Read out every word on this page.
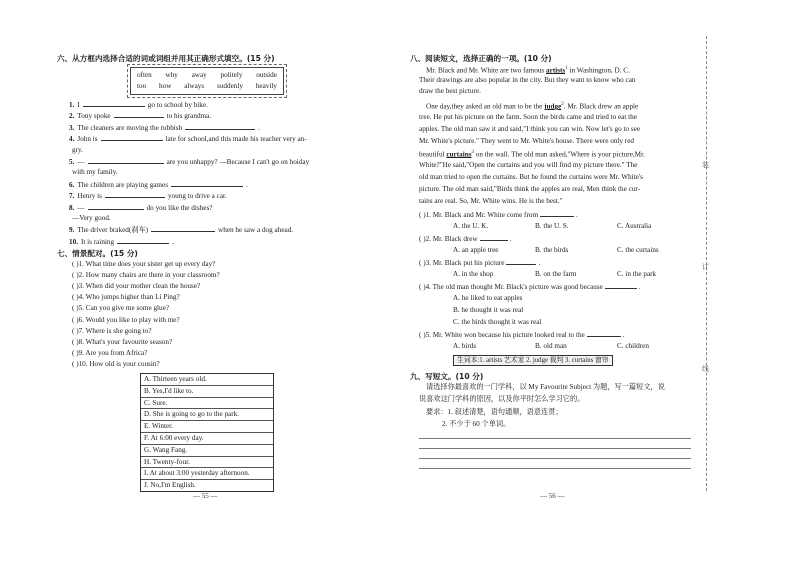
六、从方框内选择合适的词或词组并用其正确形式填空。(15 分)
often why away politely outside
too how always suddenly heavily
1. I	go to school by bike.
2. Tony spoke	to his grandma.
3. The cleaners are moving the rubbish	.
4. John is	late for school,and this made his teacher very an-
gry.
5. —	are you unhappy? —Because I can't go on hoiday
with my family.
6. The children are playing games	.
7. Henry is	young to drive a car.
8. —	do you like the dishes?
—Very good.
9. The driver braked(刹车)	when he saw a dog ahead.
10. It is raining	.
七、情景配对。(15 分)
( )1. What time does your sister get up every day?
( )2. How many chairs are there in your classroom?
( )3. When did your mother clean the house?
( )4. Who jumps higher than Li Ping?
( )5. Can you give me some glue?
( )6. Would you like to play with me?
( )7. Where is she going to?
( )8. What's your favourite season?
( )9. Are you from Africa?
( )10. How old is your cousin?
A. Thirteen years old.
B. Yes,I'd like to.
C. Sure.
D. She is going to go to the park.
E. Winter.
F. At 6:00 every day.
G. Wang Fang.
H. Twenty-four.
I. At about 3:00 yesterday afternoon.
J. No,I'm English.
— 55 —
八、阅读短文，选择正确的一项。(10 分)
Mr. Black and Mr. White are two famous artists$^1$ in Washington, D. C.
Their drawings are also popular in the city. But they want to know who can
draw the best picture.
One day,they asked an old man to be the judge$^2$. Mr. Black drew an apple
tree. He put his picture on the farm. Soon the birds came and tried to eat the
apples. The old man saw it and said,"I think you can win. Now let's go to see
Mr. White's picture." They went to Mr. White's house. There were only red
beautiful curtains$^3$ on the wall. The old man asked,"Where is your picture,Mr.
White?"He said,"Open the curtains and you will find my picture there." The
old man tried to open the curtains. But he found the curtains were Mr. White's
picture. The old man said,"Birds think the apples are real, Men think the cur-
tains are real. So, Mr. White wins. He is the best."
( )1. Mr. Black and Mr. White come from	.
A. the U. K.	B. the U. S.	C. Australia
( )2. Mr. Black drew	.
A. an apple tree	B. the birds	C. the curtains
( )3. Mr. Black put his picture	.
A. in the shop	B. on the farm	C. in the park
( )4. The old man thought Mr. Black's picture was good because	.
A. he liked to eat apples
B. he thought it was real
C. the birds thought it was real
( )5. Mr. White won because his picture looked real to the	.
A. birds	B. old man	C. children
生词本:1. artists 艺术家 2. judge 裁判 3. curtains 窗帘
九、写短文。(10 分)
请选择你最喜欢的一门学科，以 My Favourite Subject 为题，写一篇短文，说
说喜欢这门学科的原因，以及你平时怎么学习它的。
要求：1. 叙述清楚，语句通顺，语意连贯；
2. 不少于 60 个单词。
— 56 —
装
订
线
